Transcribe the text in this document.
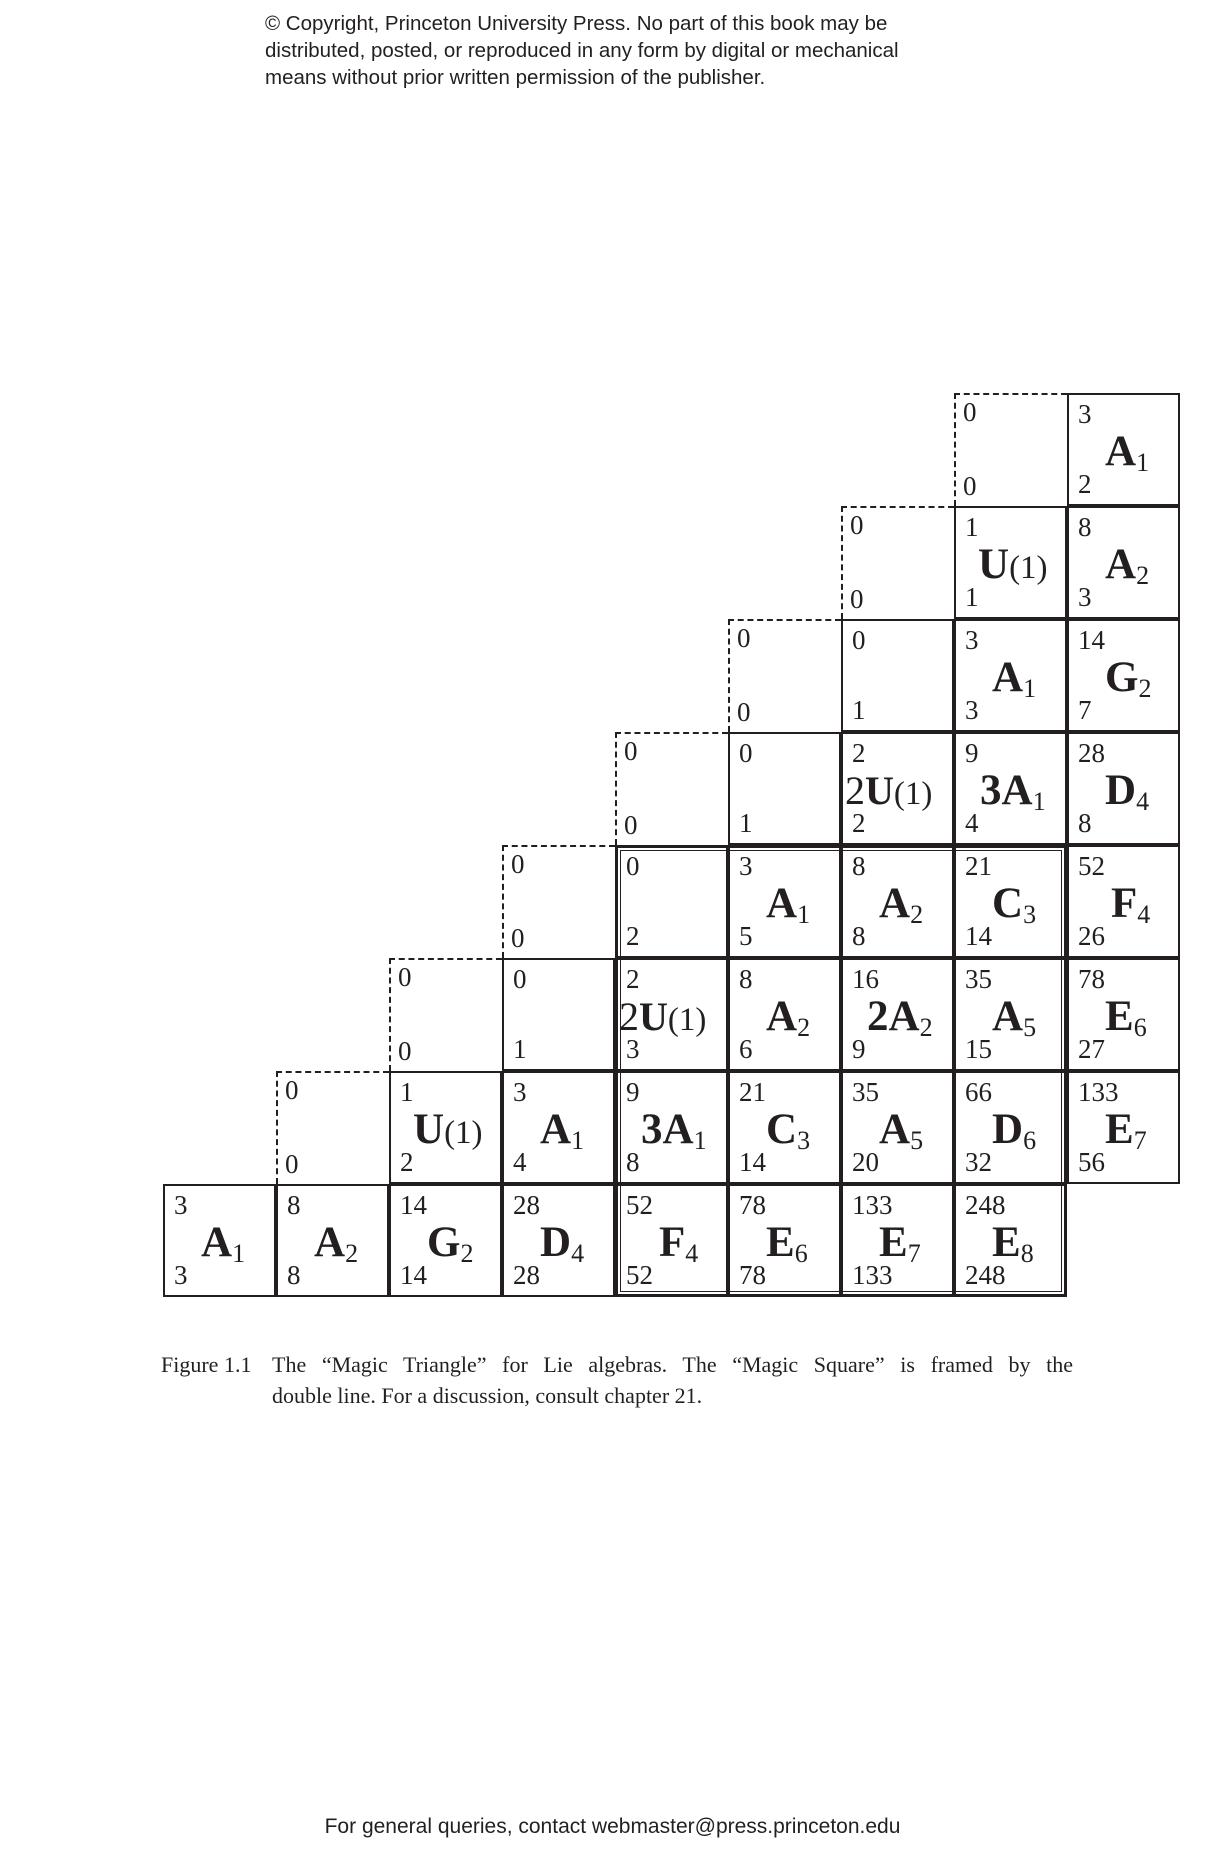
© Copyright, Princeton University Press. No part of this book may be
distributed, posted, or reproduced in any form by digital or mechanical
means without prior written permission of the publisher.
0
0
3
2
$A_1$
0
0
1
1
U(1)
8
3
$A_2$
0
0
0
1
3
3
$A_1$
14
7
$G_2$
0
0
0
1
2
2
2U(1)
9
4
$3A_1$
28
8
$D_4$
0
0
0
2
3
5
$A_1$
8
8
$A_2$
21
14
$C_3$
52
26
$F_4$
0
0
0
1
2
3
2U(1)
8
6
$A_2$
16
9
$2A_2$
35
15
$A_5$
78
27
$E_6$
0
0
1
2
U(1)
3
4
$A_1$
9
8
$3A_1$
21
14
$C_3$
35
20
$A_5$
66
32
$D_6$
133
56
$E_7$
3
3
$A_1$
8
8
$A_2$
14
14
$G_2$
28
28
$D_4$
52
52
$F_4$
78
78
$E_6$
133
133
$E_7$
248
248
$E_8$
Figure 1.1 The “Magic Triangle” for Lie algebras. The “Magic Square” is framed by the
double line. For a discussion, consult chapter 21.
For general queries, contact webmaster@press.princeton.edu
